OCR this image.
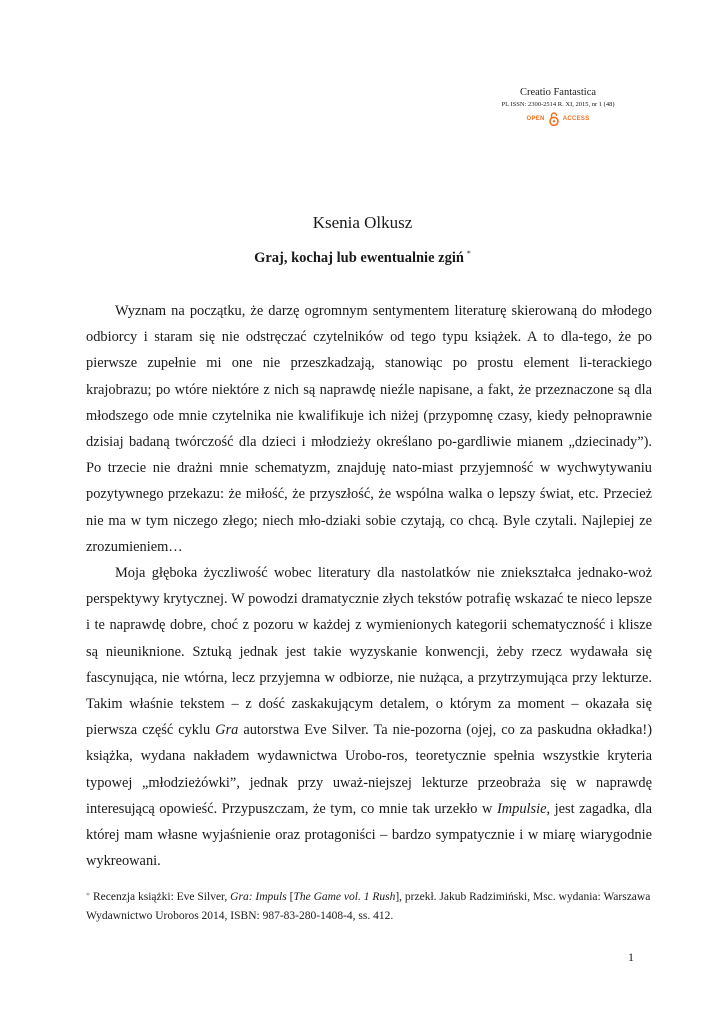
Creatio Fantastica
PL ISSN: 2300-2514 R. XI, 2015, nr 1 (48)
OPEN	ACCESS
Ksenia Olkusz
Graj, kochaj lub ewentualnie zgiń *

Wyznam na początku, że darzę ogromnym sentymentem literaturę skierowaną do młodego odbiorcy i staram się nie odstręczać czytelników od tego typu książek. A to dla-tego, że po pierwsze zupełnie mi one nie przeszkadzają, stanowiąc po prostu element li-terackiego krajobrazu; po wtóre niektóre z nich są naprawdę nieźle napisane, a fakt, że przeznaczone są dla młodszego ode mnie czytelnika nie kwalifikuje ich niżej (przypomnę czasy, kiedy pełnoprawnie dzisiaj badaną twórczość dla dzieci i młodzieży określano po-gardliwie mianem „dziecinady”). Po trzecie nie drażni mnie schematyzm, znajduję nato-miast przyjemność w wychwytywaniu pozytywnego przekazu: że miłość, że przyszłość, że wspólna walka o lepszy świat, etc. Przecież nie ma w tym niczego złego; niech mło-dziaki sobie czytają, co chcą. Byle czytali. Najlepiej ze zrozumieniem…

Moja głęboka życzliwość wobec literatury dla nastolatków nie zniekształca jednako-woż perspektywy krytycznej. W powodzi dramatycznie złych tekstów potrafię wskazać te nieco lepsze i te naprawdę dobre, choć z pozoru w każdej z wymienionych kategorii schematyczność i klisze są nieuniknione. Sztuką jednak jest takie wyzyskanie konwencji, żeby rzecz wydawała się fascynująca, nie wtórna, lecz przyjemna w odbiorze, nie nużąca, a przytrzymująca przy lekturze. Takim właśnie tekstem – z dość zaskakującym detalem, o którym za moment – okazała się pierwsza część cyklu Gra autorstwa Eve Silver. Ta nie-pozorna (ojej, co za paskudna okładka!) książka, wydana nakładem wydawnictwa Urobo-ros, teoretycznie spełnia wszystkie kryteria typowej „młodzieżówki”, jednak przy uważ-niejszej lekturze przeobraża się w naprawdę interesującą opowieść. Przypuszczam, że tym, co mnie tak urzekło w Impulsie, jest zagadka, dla której mam własne wyjaśnienie oraz protagoniści – bardzo sympatycznie i w miarę wiarygodnie wykreowani.

* Recenzja książki: Eve Silver, Gra: Impuls [The Game vol. 1 Rush], przekł. Jakub Radzimiński, Msc. wydania: Warszawa Wydawnictwo Uroboros 2014, ISBN: 987-83-280-1408-4, ss. 412.
1
